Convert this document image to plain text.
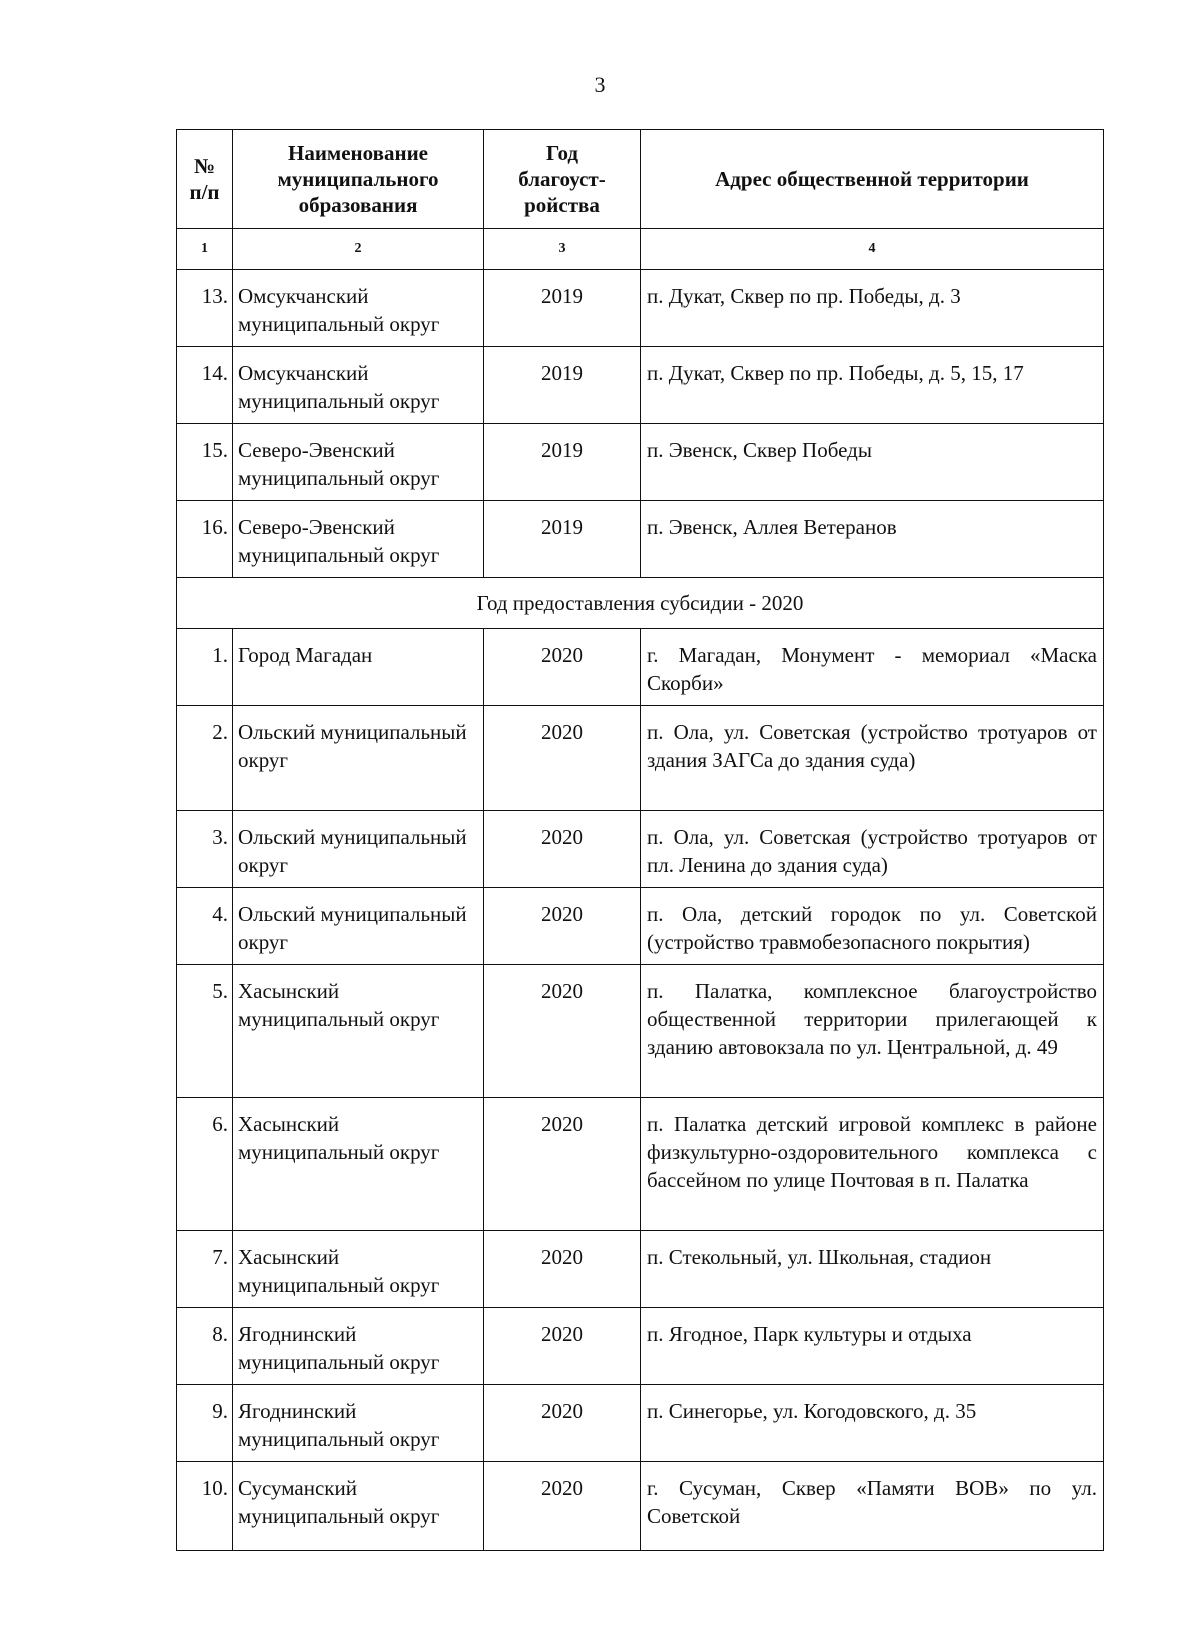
3
№ п/п	Наименование муниципального образования	Год благоуст-ройства	Адрес общественной территории
1	2	3	4
13.	Омсукчанский муниципальный округ	2019	п. Дукат, Сквер по пр. Победы, д. 3
14.	Омсукчанский муниципальный округ	2019	п. Дукат, Сквер по пр. Победы, д. 5, 15, 17
15.	Северо-Эвенский муниципальный округ	2019	п. Эвенск, Сквер Победы
16.	Северо-Эвенский муниципальный округ	2019	п. Эвенск, Аллея Ветеранов
Год предоставления субсидии - 2020			
1.	Город Магадан	2020	г. Магадан, Монумент - мемориал «Маска Скорби»
2.	Ольский муниципальный округ	2020	п. Ола, ул. Советская (устройство тротуаров от здания ЗАГСа до здания суда)
3.	Ольский муниципальный округ	2020	п. Ола, ул. Советская (устройство тротуаров от пл. Ленина до здания суда)
4.	Ольский муниципальный округ	2020	п. Ола, детский городок по ул. Советской (устройство травмобезопасного покрытия)
5.	Хасынский муниципальный округ	2020	п. Палатка, комплексное благоустройство общественной территории прилегающей к зданию автовокзала по ул. Центральной, д. 49
6.	Хасынский муниципальный округ	2020	п. Палатка детский игровой комплекс в районе физкультурно-оздоровительного комплекса с бассейном по улице Почтовая в п. Палатка
7.	Хасынский муниципальный округ	2020	п. Стекольный, ул. Школьная, стадион
8.	Ягоднинский муниципальный округ	2020	п. Ягодное, Парк культуры и отдыха
9.	Ягоднинский муниципальный округ	2020	п. Синегорье, ул. Когодовского, д. 35
10.	Сусуманский муниципальный округ	2020	г. Сусуман, Сквер «Памяти ВОВ» по ул. Советской
